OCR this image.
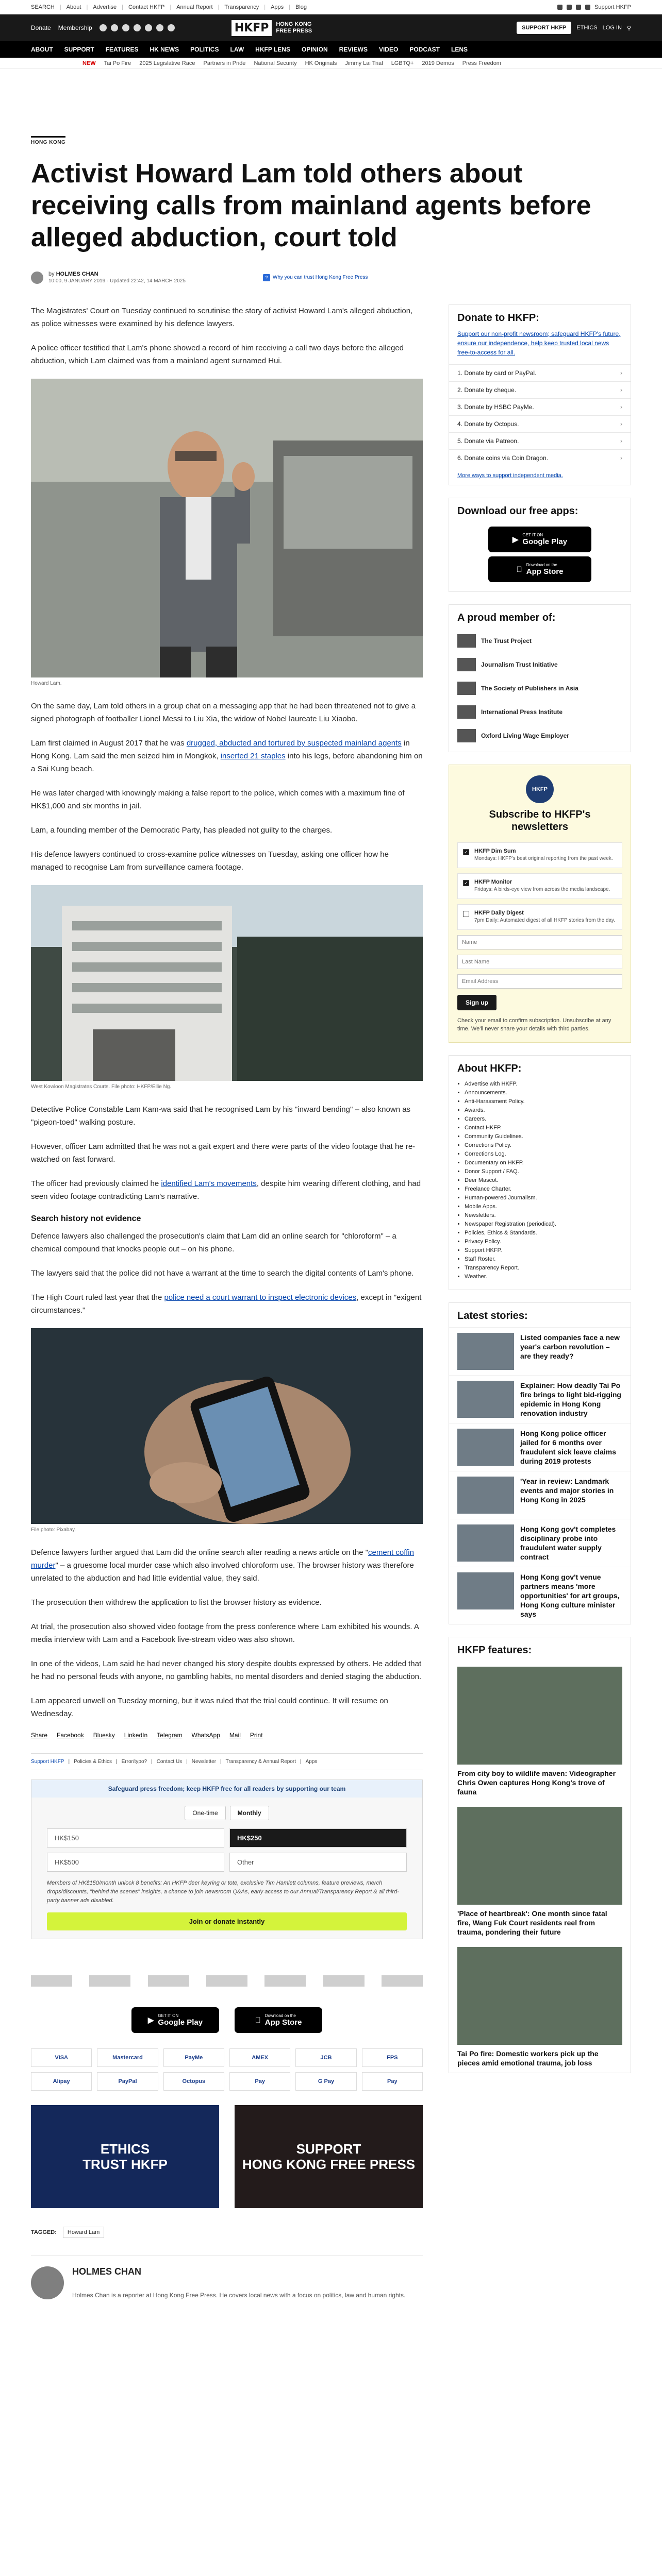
SEARCH | About | Advertise | Contact HKFP | Annual Report | Transparency | Apps | Blog	Support HKFP
Donate Membership	HKFP	HONG KONG
FREE PRESS	SUPPORT HKFP	ETHICS LOG IN ⚲
ABOUT SUPPORT FEATURES HK NEWS POLITICS LAW HKFP LENS OPINION REVIEWS VIDEO PODCAST LENS
NEW Tai Po Fire 2025 Legislative Race Partners in Pride National Security HK Originals Jimmy Lai Trial LGBTQ+ 2019 Demos Press Freedom
HONG KONG
Activist Howard Lam told others about receiving calls from mainland agents before alleged abduction, court told
by HOLMES CHAN
10:00, 9 JANUARY 2019 · Updated 22:42, 14 MARCH 2025
? Why you can trust Hong Kong Free Press

The Magistrates' Court on Tuesday continued to scrutinise the story of activist Howard Lam's alleged abduction, as police witnesses were examined by his defence lawyers.

A police officer testified that Lam's phone showed a record of him receiving a call two days before the alleged abduction, which Lam claimed was from a mainland agent surnamed Hui.

Howard Lam.

On the same day, Lam told others in a group chat on a messaging app that he had been threatened not to give a signed photograph of footballer Lionel Messi to Liu Xia, the widow of Nobel laureate Liu Xiaobo.

Lam first claimed in August 2017 that he was drugged, abducted and tortured by suspected mainland agents in Hong Kong. Lam said the men seized him in Mongkok, inserted 21 staples into his legs, before abandoning him on a Sai Kung beach.

He was later charged with knowingly making a false report to the police, which comes with a maximum fine of HK$1,000 and six months in jail.

Lam, a founding member of the Democratic Party, has pleaded not guilty to the charges.

His defence lawyers continued to cross-examine police witnesses on Tuesday, asking one officer how he managed to recognise Lam from surveillance camera footage.

West Kowloon Magistrates Courts. File photo: HKFP/Ellie Ng.

Detective Police Constable Lam Kam-wa said that he recognised Lam by his "inward bending" – also known as "pigeon-toed" walking posture.

However, officer Lam admitted that he was not a gait expert and there were parts of the video footage that he re-watched on fast forward.

The officer had previously claimed he identified Lam's movements, despite him wearing different clothing, and had seen video footage contradicting Lam's narrative.

Search history not evidence

Defence lawyers also challenged the prosecution's claim that Lam did an online search for "chloroform" – a chemical compound that knocks people out – on his phone.

The lawyers said that the police did not have a warrant at the time to search the digital contents of Lam's phone.

The High Court ruled last year that the police need a court warrant to inspect electronic devices, except in "exigent circumstances."

File photo: Pixabay.

Defence lawyers further argued that Lam did the online search after reading a news article on the "cement coffin murder" – a gruesome local murder case which also involved chloroform use. The browser history was therefore unrelated to the abduction and had little evidential value, they said.

The prosecution then withdrew the application to list the browser history as evidence.

At trial, the prosecution also showed video footage from the press conference where Lam exhibited his wounds. A media interview with Lam and a Facebook live-stream video was also shown.

In one of the videos, Lam said he had never changed his story despite doubts expressed by others. He added that he had no personal feuds with anyone, no gambling habits, no mental disorders and denied staging the abduction.

Lam appeared unwell on Tuesday morning, but it was ruled that the trial could continue. It will resume on Wednesday.

Share Facebook Bluesky LinkedIn Telegram WhatsApp Mail Print
Support HKFP | Policies & Ethics | Error/typo? | Contact Us | Newsletter | Transparency & Annual Report | Apps
Safeguard press freedom; keep HKFP free for all readers by supporting our team
One-time	Monthly
HK$150	HK$250
HK$500	Other
Members of HK$150/month unlock 8 benefits: An HKFP deer keyring or tote, exclusive Tim Hamlett columns, feature previews, merch drops/discounts, "behind the scenes" insights, a chance to join newsroom Q&As, early access to our Annual/Transparency Report & all third-party banner ads disabled.
Join or donate instantly
▶
GET IT ON
Google Play
Download on the
App Store
VISA	Mastercard	PayMe	AMEX	JCB	FPS
Alipay	PayPal	Octopus	Pay	G Pay	Pay
ETHICS
TRUST HKFP
SUPPORT
HONG KONG FREE PRESS
TAGGED:	Howard Lam
HOLMES CHAN
Holmes Chan is a reporter at Hong Kong Free Press. He covers local news with a focus on politics, law and human rights.
Donate to HKFP:
Support our non-profit newsroom; safeguard HKFP's future, ensure our independence, help keep trusted local news free-to-access for all.
1. Donate by card or PayPal.	›
2. Donate by cheque.	›
3. Donate by HSBC PayMe.	›
4. Donate by Octopus.	›
5. Donate via Patreon.	›
6. Donate coins via Coin Dragon.	›
More ways to support independent media.
Download our free apps:
▶
GET IT ON
Google Play
Download on the
App Store
A proud member of:
The Trust Project
Journalism Trust Initiative
The Society of Publishers in Asia
International Press Institute
Oxford Living Wage Employer
HKFP
Subscribe to HKFP's newsletters
✓ HKFP Dim Sum
Mondays: HKFP's best original reporting from the past week.
✓ HKFP Monitor
Fridays: A birds-eye view from across the media landscape.
HKFP Daily Digest
7pm Daily: Automated digest of all HKFP stories from the day.
Name
Last Name
Email Address Sign up
Check your email to confirm subscription. Unsubscribe at any time. We'll never share your details with third parties.
About HKFP:
• Advertise with HKFP.
• Announcements.
• Anti-Harassment Policy.
• Awards.
• Careers.
• Contact HKFP.
• Community Guidelines.
• Corrections Policy.
• Corrections Log.
• Documentary on HKFP.
• Donor Support / FAQ.
• Deer Mascot.
• Freelance Charter.
• Human-powered Journalism.
• Mobile Apps.
• Newsletters.
• Newspaper Registration (periodical).
• Policies, Ethics & Standards.
• Privacy Policy.
• Support HKFP.
• Staff Roster.
• Transparency Report.
• Weather.
Latest stories:
Listed companies face a new year's carbon revolution – are they ready?
Explainer: How deadly Tai Po fire brings to light bid-rigging epidemic in Hong Kong renovation industry
Hong Kong police officer jailed for 6 months over fraudulent sick leave claims during 2019 protests
'Year in review: Landmark events and major stories in Hong Kong in 2025
Hong Kong gov't completes disciplinary probe into fraudulent water supply contract
Hong Kong gov't venue partners means 'more opportunities' for art groups, Hong Kong culture minister says
HKFP features:
From city boy to wildlife maven: Videographer Chris Owen captures Hong Kong's trove of fauna
'Place of heartbreak': One month since fatal fire, Wang Fuk Court residents reel from trauma, pondering their future
Tai Po fire: Domestic workers pick up the pieces amid emotional trauma, job loss
